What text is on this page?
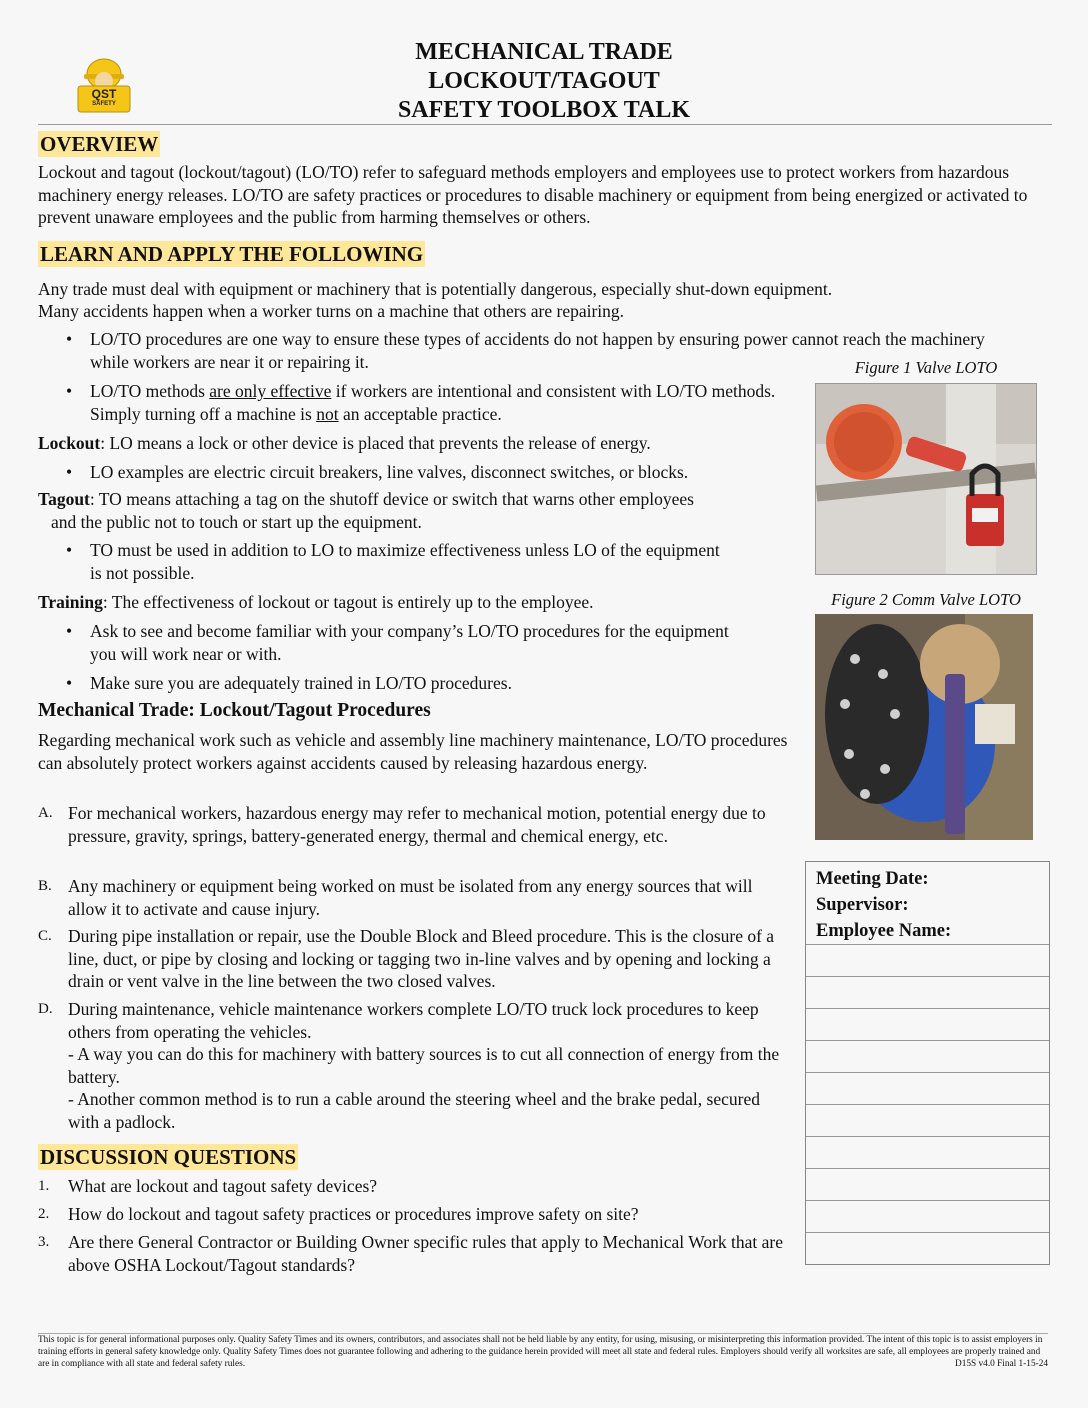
QST
SAFETY
MECHANICAL TRADE
LOCKOUT/TAGOUT
SAFETY TOOLBOX TALK
OVERVIEW
Lockout and tagout (lockout/tagout) (LO/TO) refer to safeguard methods employers and employees use to protect workers from hazardous machinery energy releases. LO/TO are safety practices or procedures to disable machinery or equipment from being energized or activated to prevent unaware employees and the public from harming themselves or others.
LEARN AND APPLY THE FOLLOWING
Any trade must deal with equipment or machinery that is potentially dangerous, especially shut-down equipment.
Many accidents happen when a worker turns on a machine that others are repairing.
• LO/TO procedures are one way to ensure these types of accidents do not happen by ensuring power cannot reach the machinery while workers are near it or repairing it.
• LO/TO methods are only effective if workers are intentional and consistent with LO/TO methods. Simply turning off a machine is not an acceptable practice.
Lockout: LO means a lock or other device is placed that prevents the release of energy.
• LO examples are electric circuit breakers, line valves, disconnect switches, or blocks.
Tagout: TO means attaching a tag on the shutoff device or switch that warns other employees
and the public not to touch or start up the equipment.
• TO must be used in addition to LO to maximize effectiveness unless LO of the equipment is not possible.
Training: The effectiveness of lockout or tagout is entirely up to the employee.
• Ask to see and become familiar with your company’s LO/TO procedures for the equipment you will work near or with.
• Make sure you are adequately trained in LO/TO procedures.
Mechanical Trade: Lockout/Tagout Procedures
Regarding mechanical work such as vehicle and assembly line machinery maintenance, LO/TO procedures can absolutely protect workers against accidents caused by releasing hazardous energy.
A. For mechanical workers, hazardous energy may refer to mechanical motion, potential energy due to pressure, gravity, springs, battery-generated energy, thermal and chemical energy, etc.
B. Any machinery or equipment being worked on must be isolated from any energy sources that will allow it to activate and cause injury.
C. During pipe installation or repair, use the Double Block and Bleed procedure. This is the closure of a line, duct, or pipe by closing and locking or tagging two in-line valves and by opening and locking a drain or vent valve in the line between the two closed valves.
D. During maintenance, vehicle maintenance workers complete LO/TO truck lock procedures to keep others from operating the vehicles.
- A way you can do this for machinery with battery sources is to cut all connection of energy from the battery.
- Another common method is to run a cable around the steering wheel and the brake pedal, secured with a padlock.
DISCUSSION QUESTIONS
1. What are lockout and tagout safety devices?
2. How do lockout and tagout safety practices or procedures improve safety on site?
3. Are there General Contractor or Building Owner specific rules that apply to Mechanical Work that are above OSHA Lockout/Tagout standards?
Figure 1 Valve LOTO
Figure 2 Comm Valve LOTO
Meeting Date:
Supervisor:
Employee Name:
This topic is for general informational purposes only. Quality Safety Times and its owners, contributors, and associates shall not be held liable by any entity, for using, misusing, or misinterpreting this information provided. The intent of this topic is to assist employers in training efforts in general safety knowledge only. Quality Safety Times does not guarantee following and adhering to the guidance herein provided will meet all state and federal rules. Employers should verify all worksites are safe, all employees are properly trained and are in compliance with all state and federal safety rules.	D15S v4.0 Final 1-15-24
